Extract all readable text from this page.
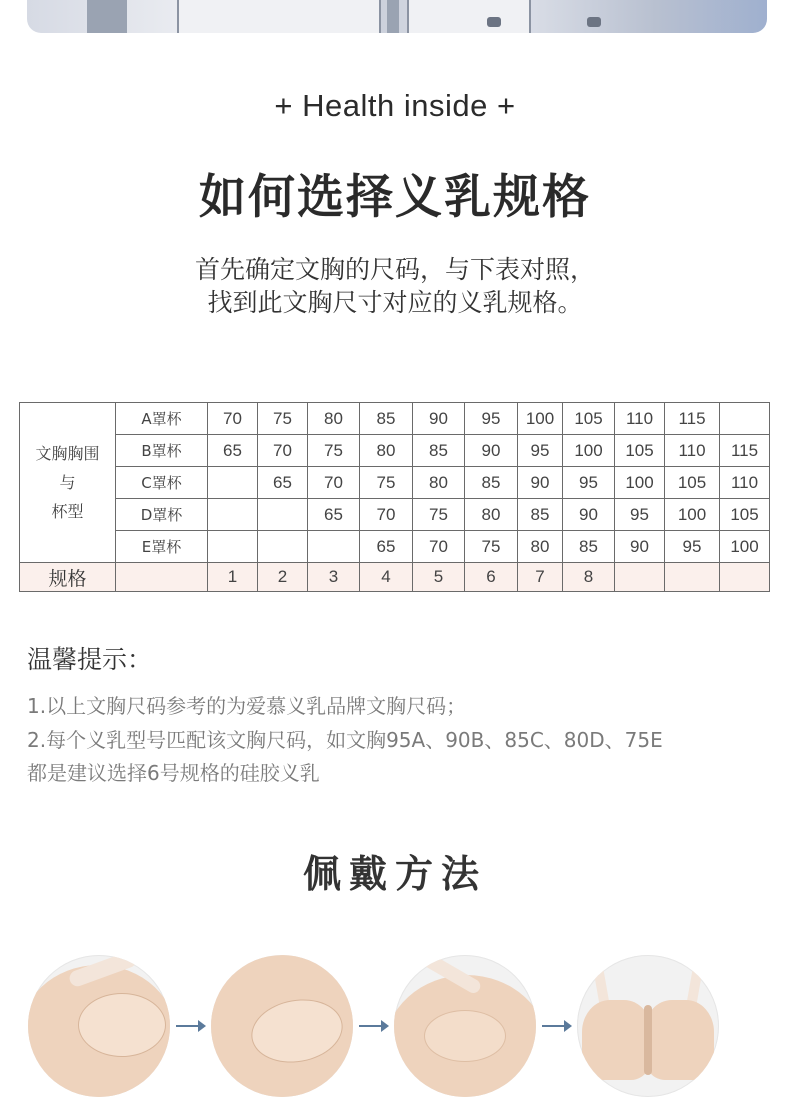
+ Health inside +
如何选择义乳规格
首先确定文胸的尺码，与下表对照，
找到此文胸尺寸对应的义乳规格。
文胸胸围
与
杯型	A罩杯	70	75	80	85	90	95	100	105	110	115	
	B罩杯	65	70	75	80	85	90	95	100	105	110	115
	C罩杯		65	70	75	80	85	90	95	100	105	110
	D罩杯			65	70	75	80	85	90	95	100	105
	E罩杯				65	70	75	80	85	90	95	100
规格		1	2	3	4	5	6	7	8			
温馨提示：
1.以上文胸尺码参考的为爱慕义乳品牌文胸尺码；
2.每个义乳型号匹配该文胸尺码，如文胸95A、90B、85C、80D、75E
都是建议选择6号规格的硅胶义乳
佩戴方法
